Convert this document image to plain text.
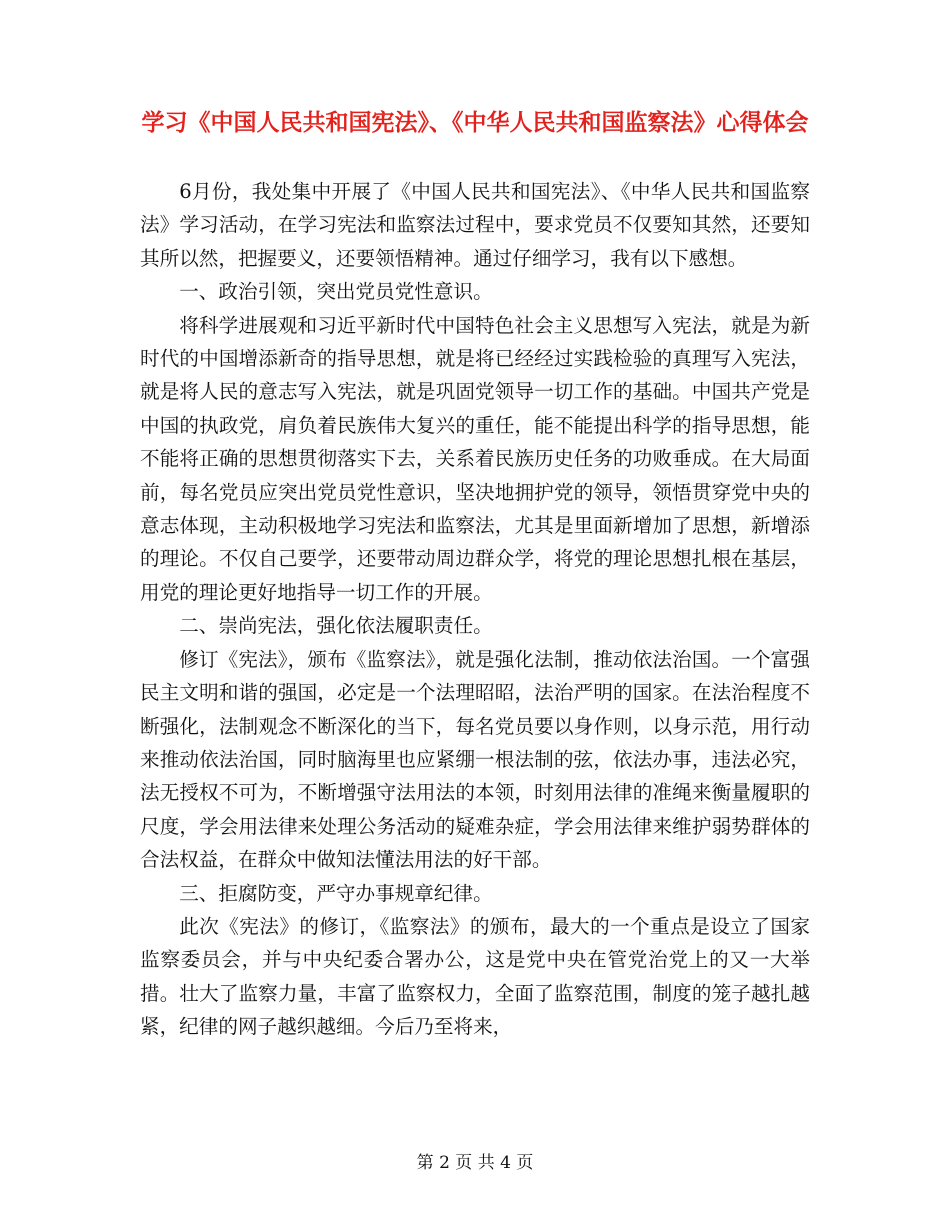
学习《中国人民共和国宪法》、《中华人民共和国监察法》心得体会

6月份，我处集中开展了《中国人民共和国宪法》、《中华人民共和国监察法》学习活动，在学习宪法和监察法过程中，要求党员不仅要知其然，还要知其所以然，把握要义，还要领悟精神。通过仔细学习，我有以下感想。

一、政治引领，突出党员党性意识。

将科学进展观和习近平新时代中国特色社会主义思想写入宪法，就是为新时代的中国增添新奇的指导思想，就是将已经经过实践检验的真理写入宪法，就是将人民的意志写入宪法，就是巩固党领导一切工作的基础。中国共产党是中国的执政党，肩负着民族伟大复兴的重任，能不能提出科学的指导思想，能不能将正确的思想贯彻落实下去，关系着民族历史任务的功败垂成。在大局面前，每名党员应突出党员党性意识，坚决地拥护党的领导，领悟贯穿党中央的意志体现，主动积极地学习宪法和监察法，尤其是里面新增加了思想，新增添的理论。不仅自己要学，还要带动周边群众学，将党的理论思想扎根在基层，用党的理论更好地指导一切工作的开展。

二、崇尚宪法，强化依法履职责任。

修订《宪法》，颁布《监察法》，就是强化法制，推动依法治国。一个富强民主文明和谐的强国，必定是一个法理昭昭，法治严明的国家。在法治程度不断强化，法制观念不断深化的当下，每名党员要以身作则，以身示范，用行动来推动依法治国，同时脑海里也应紧绷一根法制的弦，依法办事，违法必究，法无授权不可为，不断增强守法用法的本领，时刻用法律的准绳来衡量履职的尺度，学会用法律来处理公务活动的疑难杂症，学会用法律来维护弱势群体的合法权益，在群众中做知法懂法用法的好干部。

三、拒腐防变，严守办事规章纪律。

此次《宪法》的修订，《监察法》的颁布，最大的一个重点是设立了国家监察委员会，并与中央纪委合署办公，这是党中央在管党治党上的又一大举措。壮大了监察力量，丰富了监察权力，全面了监察范围，制度的笼子越扎越紧，纪律的网子越织越细。今后乃至将来，

第 2 页 共 4 页
